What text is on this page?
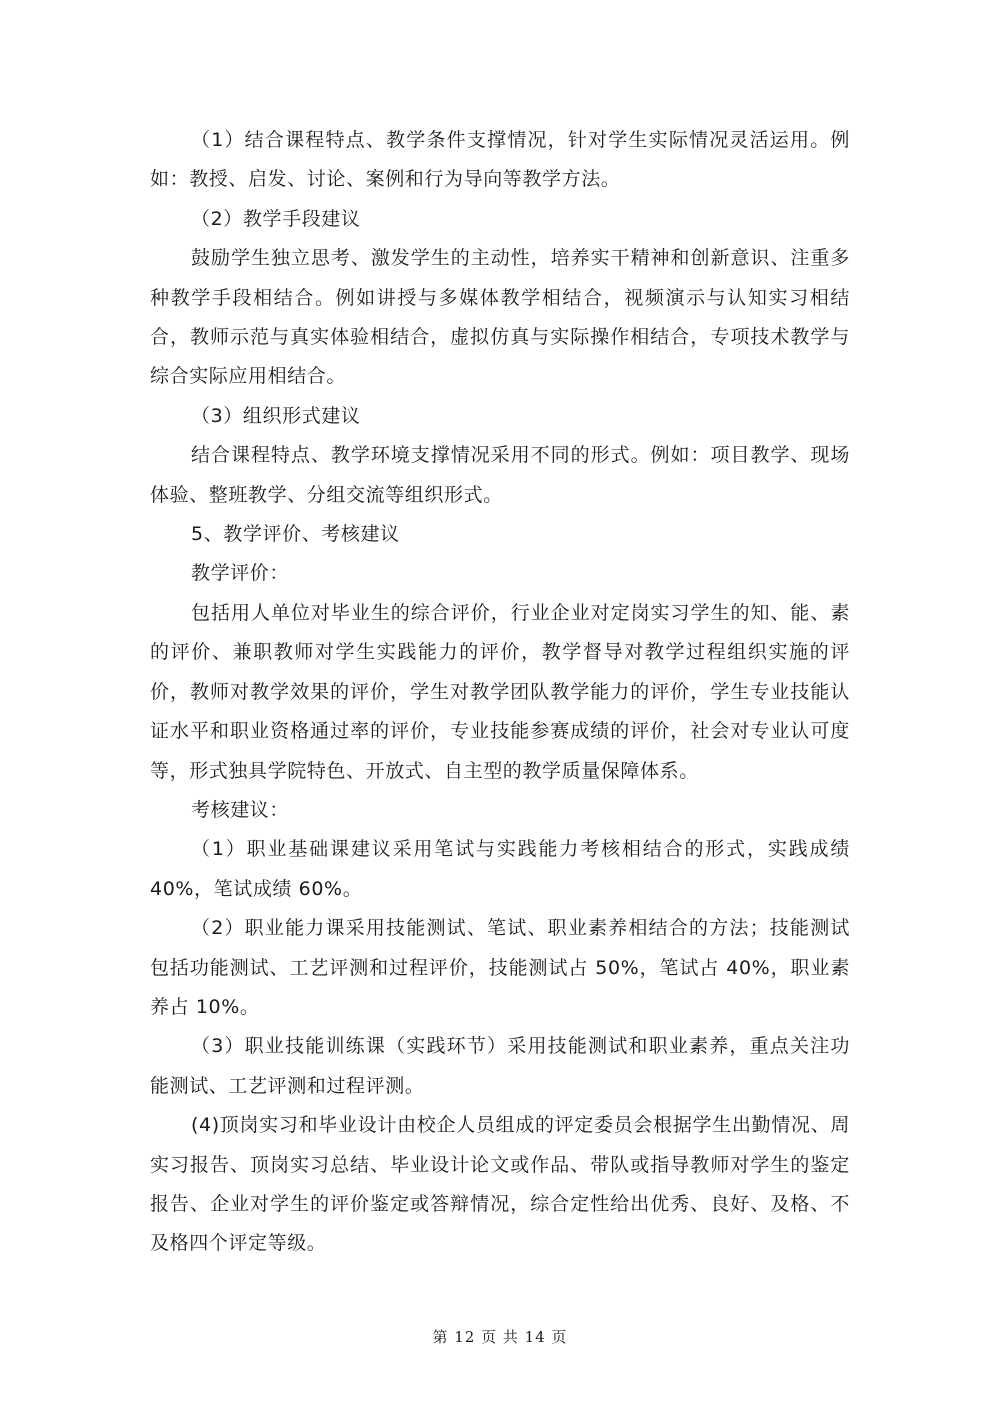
（1）结合课程特点、教学条件支撑情况，针对学生实际情况灵活运用。例如：教授、启发、讨论、案例和行为导向等教学方法。

（2）教学手段建议

鼓励学生独立思考、激发学生的主动性，培养实干精神和创新意识、注重多种教学手段相结合。例如讲授与多媒体教学相结合，视频演示与认知实习相结合，教师示范与真实体验相结合，虚拟仿真与实际操作相结合，专项技术教学与综合实际应用相结合。

（3）组织形式建议

结合课程特点、教学环境支撑情况采用不同的形式。例如：项目教学、现场体验、整班教学、分组交流等组织形式。

5、教学评价、考核建议

教学评价：

包括用人单位对毕业生的综合评价，行业企业对定岗实习学生的知、能、素的评价、兼职教师对学生实践能力的评价，教学督导对教学过程组织实施的评价，教师对教学效果的评价，学生对教学团队教学能力的评价，学生专业技能认证水平和职业资格通过率的评价，专业技能参赛成绩的评价，社会对专业认可度等，形式独具学院特色、开放式、自主型的教学质量保障体系。

考核建议：

（1）职业基础课建议采用笔试与实践能力考核相结合的形式，实践成绩40%，笔试成绩 60%。

（2）职业能力课采用技能测试、笔试、职业素养相结合的方法；技能测试包括功能测试、工艺评测和过程评价，技能测试占 50%，笔试占 40%，职业素养占 10%。

（3）职业技能训练课（实践环节）采用技能测试和职业素养，重点关注功能测试、工艺评测和过程评测。

(4)顶岗实习和毕业设计由校企人员组成的评定委员会根据学生出勤情况、周实习报告、顶岗实习总结、毕业设计论文或作品、带队或指导教师对学生的鉴定报告、企业对学生的评价鉴定或答辩情况，综合定性给出优秀、良好、及格、不及格四个评定等级。

第 12 页 共 14 页
